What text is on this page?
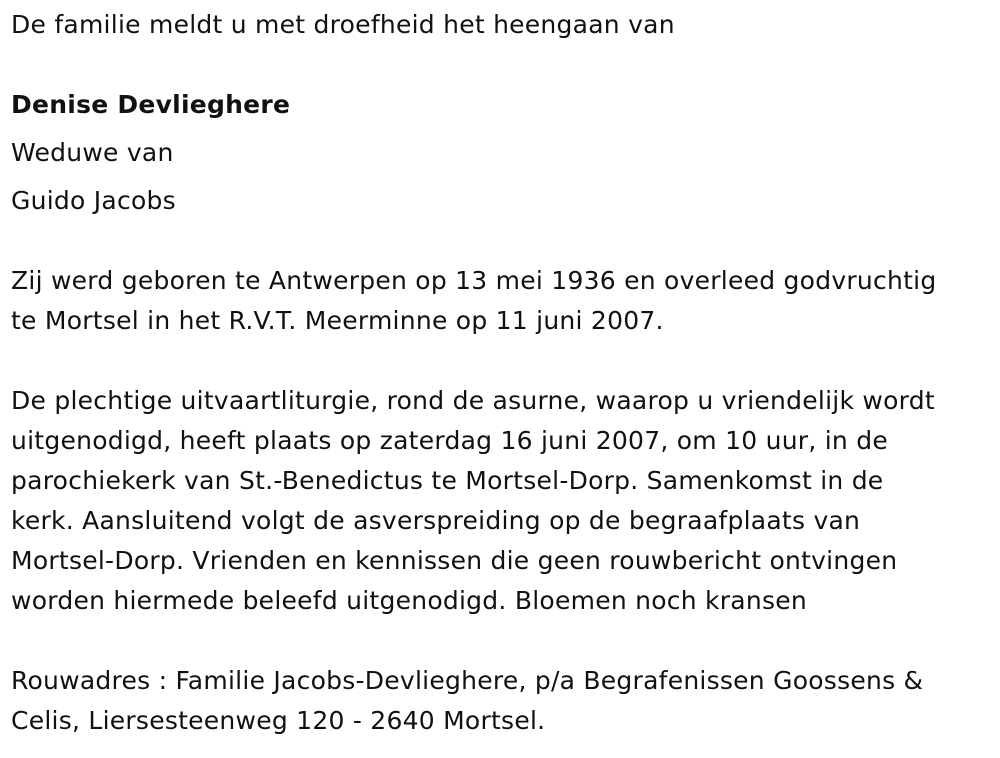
De familie meldt u met droefheid het heengaan van
Denise Devlieghere
Weduwe van
Guido Jacobs
Zij werd geboren te Antwerpen op 13 mei 1936 en overleed godvruchtig
te Mortsel in het R.V.T. Meerminne op 11 juni 2007.
De plechtige uitvaartliturgie, rond de asurne, waarop u vriendelijk wordt
uitgenodigd, heeft plaats op zaterdag 16 juni 2007, om 10 uur, in de
parochiekerk van St.-Benedictus te Mortsel-Dorp. Samenkomst in de
kerk. Aansluitend volgt de asverspreiding op de begraafplaats van
Mortsel-Dorp. Vrienden en kennissen die geen rouwbericht ontvingen
worden hiermede beleefd uitgenodigd. Bloemen noch kransen
Rouwadres : Familie Jacobs-Devlieghere, p/a Begrafenissen Goossens &
Celis, Liersesteenweg 120 - 2640 Mortsel.
